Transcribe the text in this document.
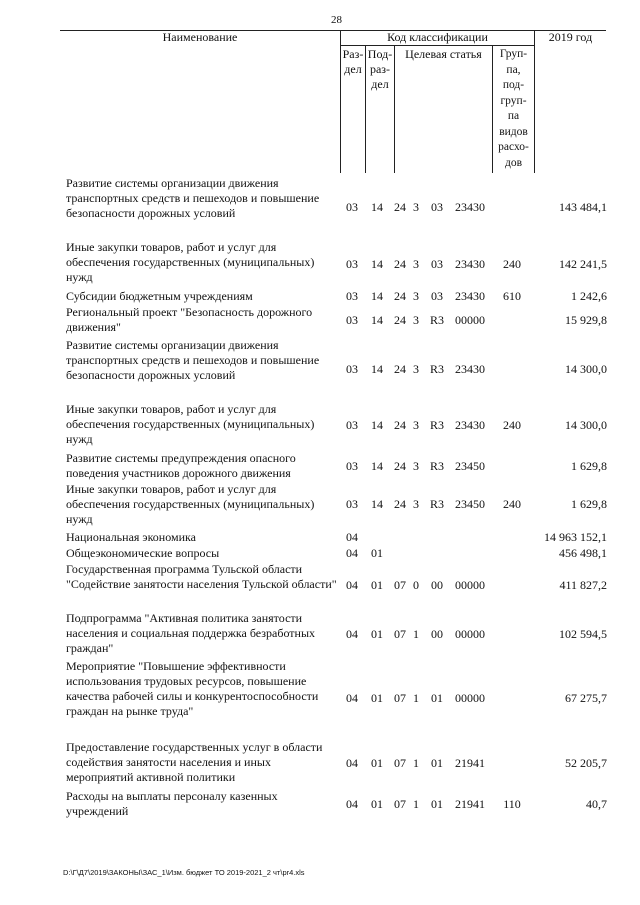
28
Наименование	Код классификации	2019 год
Раз-
дел
Под-
раз-
дел
Целевая статья	Груп-
па,
под-
груп-
па
видов
расхо-
дов
Развитие системы организации движения транспортных средств и пешеходов и повышение безопасности дорожных условий	03	14 24 3	03	23430	143 484,1
Иные закупки товаров, работ и услуг для обеспечения государственных (муниципальных) нужд
03	14 24 3	03	23430	240	142 241,5
Субсидии бюджетным учреждениям	03	14 24 3	03	23430	610	1 242,6
Региональный проект "Безопасность дорожного движения"	03	14 24 3 R3 00000	15 929,8
Развитие системы организации движения транспортных средств и пешеходов и повышение безопасности дорожных условий	03	14 24 3 R3 23430	14 300,0
Иные закупки товаров, работ и услуг для обеспечения государственных (муниципальных) нужд
03	14 24 3 R3 23430	240	14 300,0
Развитие системы предупреждения опасного поведения участников дорожного движения	03	14 24 3 R3 23450	1 629,8
Иные закупки товаров, работ и услуг для обеспечения государственных (муниципальных) нужд
03	14 24 3 R3 23450	240	1 629,8
Национальная экономика	04	14 963 152,1
Общеэкономические вопросы	04	01	456 498,1
Государственная программа Тульской области "Содействие занятости населения Тульской области" 04	01 07 0	00	00000	411 827,2
Подпрограмма "Активная политика занятости населения и социальная поддержка безработных граждан"
04	01 07 1	00	00000	102 594,5
Мероприятие "Повышение эффективности использования трудовых ресурсов, повышение качества рабочей силы и конкурентоспособности граждан на рынке труда"
04	01 07 1	01	00000	67 275,7
Предоставление государственных услуг в области содействия занятости населения и иных мероприятий активной политики
04	01 07 1	01	21941	52 205,7
Расходы на выплаты персоналу казенных учреждений	04	01 07 1	01	21941	110	40,7
D:\Г\Д7\2019\ЗАКОНЫ\ЗАС_1\Изм. бюджет ТО 2019-2021_2 чт\pr4.xls
